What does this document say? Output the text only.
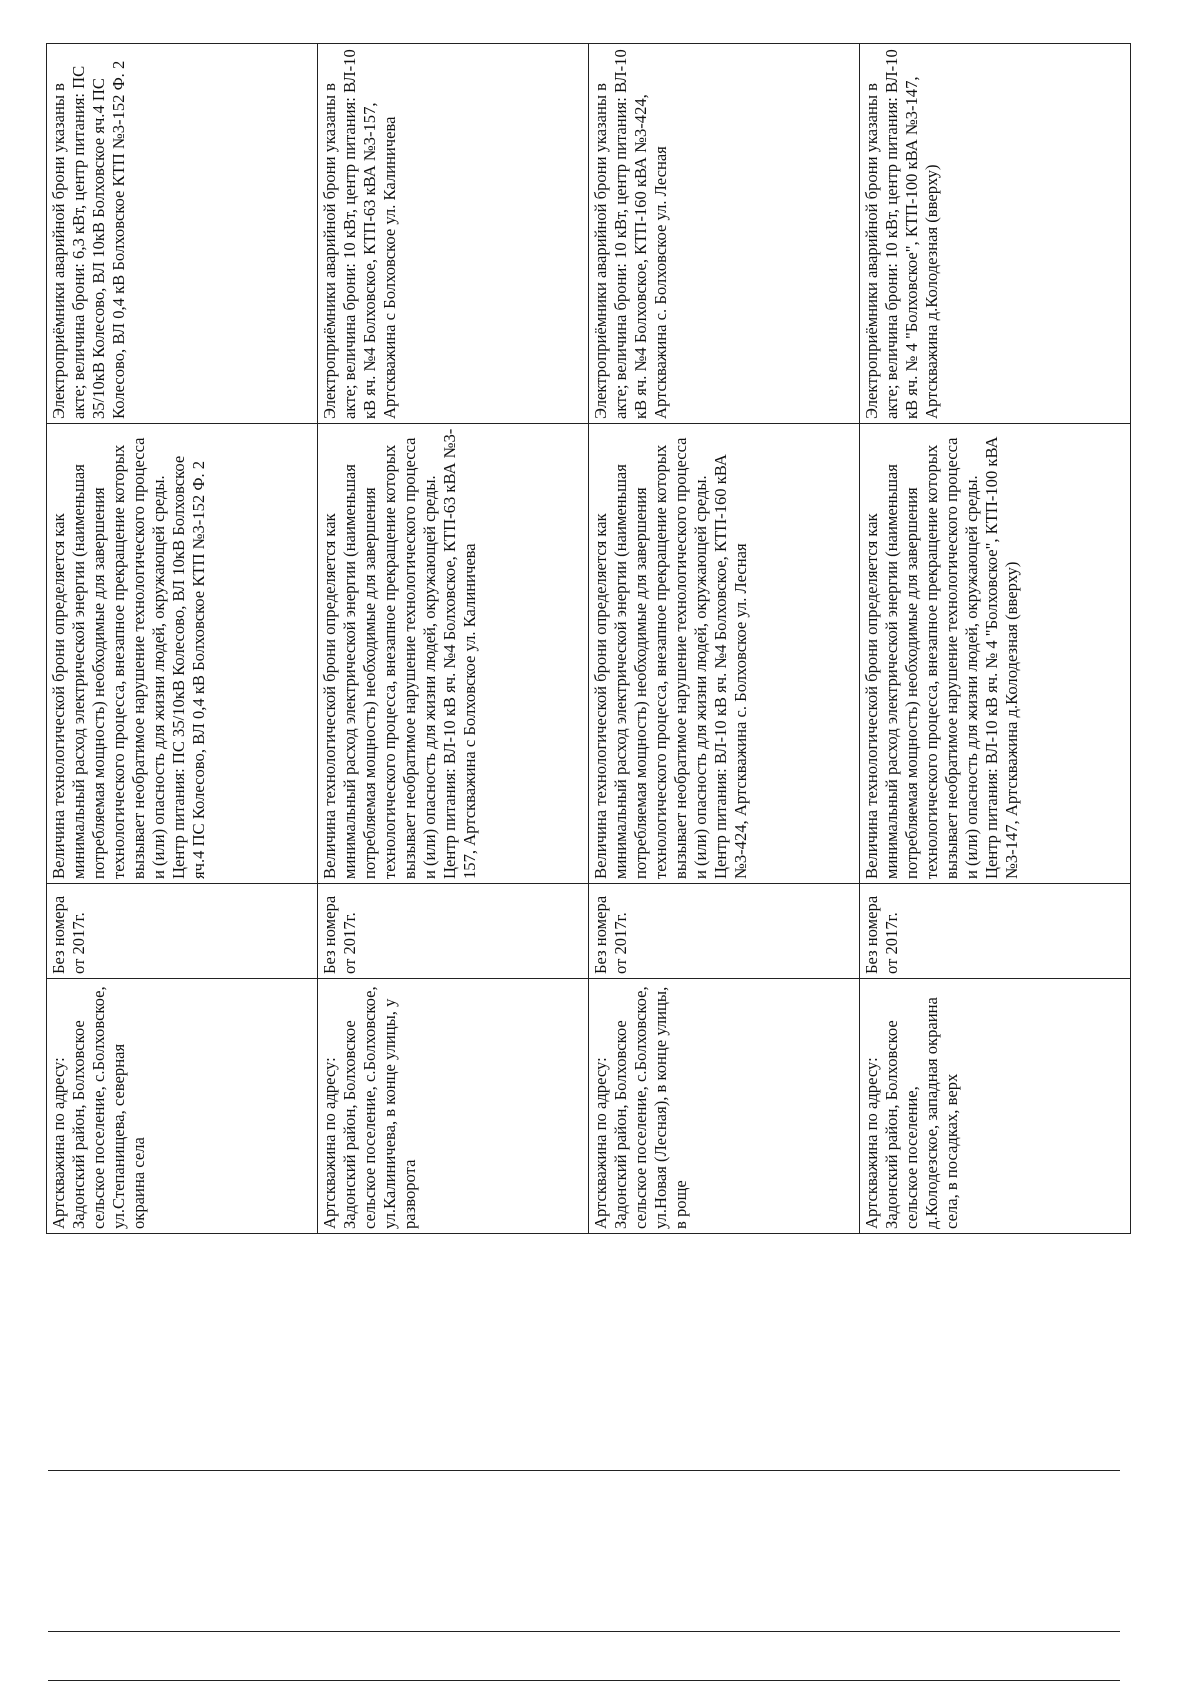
Артскважина по адресу: Задонский район, Болховское сельское поселение, с.Болховское, ул.Степанищева, северная окраина села	Без номера от 2017г.	Величина технологической брони определяется как минимальный расход электрической энергии (наименьшая потребляемая мощность) необходимые для завершения технологического процесса, внезапное прекращение которых вызывает необратимое нарушение технологического процесса и (или) опасность для жизни людей, окружающей среды. Центр питания: ПС 35/10кВ Колесово, ВЛ 10кВ Болховское яч.4 ПС Колесово, ВЛ 0,4 кВ Болховское КТП №3-152 Ф. 2	Электроприёмники аварийной брони указаны в акте; величина брони: 6,3 кВт, центр питания: ПС 35/10кВ Колесово, ВЛ 10кВ Болховское яч.4 ПС Колесово, ВЛ 0,4 кВ Болховское КТП №3-152 Ф. 2
Артскважина по адресу: Задонский район, Болховское сельское поселение, с.Болховское, ул.Калиничева, в конце улицы, у разворота	Без номера от 2017г.	Величина технологической брони определяется как минимальный расход электрической энергии (наименьшая потребляемая мощность) необходимые для завершения технологического процесса, внезапное прекращение которых вызывает необратимое нарушение технологического процесса и (или) опасность для жизни людей, окружающей среды. Центр питания: ВЛ-10 кВ яч. №4 Болховское, КТП-63 кВА №3-157, Артскважина с Болховское ул. Калиничева	Электроприёмники аварийной брони указаны в акте; величина брони: 10 кВт, центр питания: ВЛ-10 кВ яч. №4 Болховское, КТП-63 кВА №3-157, Артскважина с Болховское ул. Калиничева
Артскважина по адресу: Задонский район, Болховское сельское поселение, с.Болховское, ул.Новая (Лесная), в конце улицы, в роще	Без номера от 2017г.	Величина технологической брони определяется как минимальный расход электрической энергии (наименьшая потребляемая мощность) необходимые для завершения технологического процесса, внезапное прекращение которых вызывает необратимое нарушение технологического процесса и (или) опасность для жизни людей, окружающей среды. Центр питания: ВЛ-10 кВ яч. №4 Болховское, КТП-160 кВА №3-424, Артскважина с. Болховское ул. Лесная	Электроприёмники аварийной брони указаны в акте; величина брони: 10 кВт, центр питания: ВЛ-10 кВ яч. №4 Болховское, КТП-160 кВА №3-424, Артскважина с. Болховское ул. Лесная
Артскважина по адресу: Задонский район, Болховское сельское поселение, д.Колодезское, западная окраина села, в посадках, верх	Без номера от 2017г.	Величина технологической брони определяется как минимальный расход электрической энергии (наименьшая потребляемая мощность) необходимые для завершения технологического процесса, внезапное прекращение которых вызывает необратимое нарушение технологического процесса и (или) опасность для жизни людей, окружающей среды. Центр питания: ВЛ-10 кВ яч. № 4 "Болховское", КТП-100 кВА №3-147, Артскважина д.Колодезная (вверху)	Электроприёмники аварийной брони указаны в акте; величина брони: 10 кВт, центр питания: ВЛ-10 кВ яч. № 4 "Болховское", КТП-100 кВА №3-147, Артскважина д.Колодезная (вверху)
